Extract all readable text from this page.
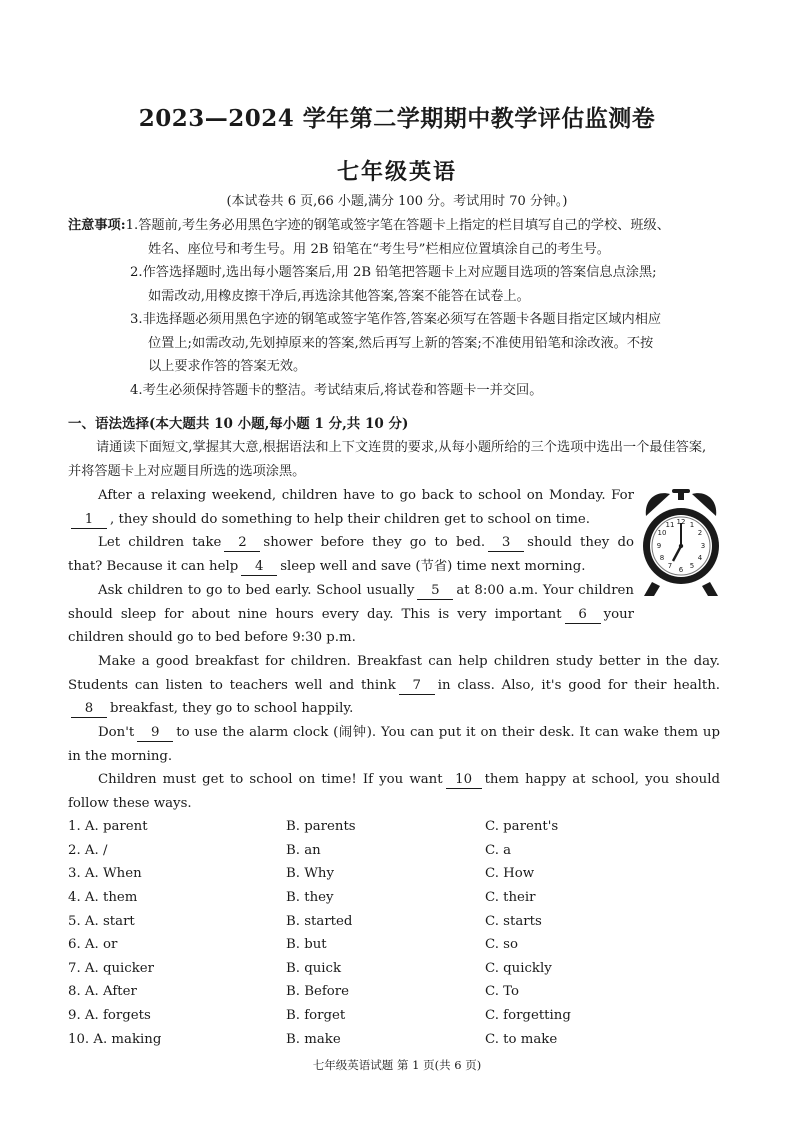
2023—2024 学年第二学期期中教学评估监测卷
七年级英语
(本试卷共 6 页,66 小题,满分 100 分。考试用时 70 分钟。)
注意事项: 1.答题前,考生务必用黑色字迹的钢笔或签字笔在答题卡上指定的栏目填写自己的学校、班级、
姓名、座位号和考生号。用 2B 铅笔在“考生号”栏相应位置填涂自己的考生号。
2.作答选择题时,选出每小题答案后,用 2B 铅笔把答题卡上对应题目选项的答案信息点涂黑;
如需改动,用橡皮擦干净后,再选涂其他答案,答案不能答在试卷上。
3.非选择题必须用黑色字迹的钢笔或签字笔作答,答案必须写在答题卡各题目指定区域内相应
位置上;如需改动,先划掉原来的答案,然后再写上新的答案;不准使用铅笔和涂改液。不按
以上要求作答的答案无效。
4.考生必须保持答题卡的整洁。考试结束后,将试卷和答题卡一并交回。
一、语法选择(本大题共 10 小题,每小题 1 分,共 10 分)

请通读下面短文,掌握其大意,根据语法和上下文连贯的要求,从每小题所给的三个选项中选出一个最佳答案,并将答题卡上对应题目所选的选项涂黑。

After a relaxing weekend, children have to go back to school on Monday. For1 , they should do something to help their children get to school on time.

Let children take 2 shower before they go to bed. 3 should they do that? Because it can help 4 sleep well and save (节省) time next morning.

Ask children to go to bed early. School usually 5 at 8:00 a.m. Your children should sleep for about nine hours every day. This is very important 6 your children should go to bed before 9:30 p.m.

Make a good breakfast for children. Breakfast can help children study better in the day. Students can listen to teachers well and think 7 in class. Also, it's good for their health.8 breakfast, they go to school happily.

Don't 9 to use the alarm clock (闹钟). You can put it on their desk. It can wake them up in the morning.

Children must get to school on time! If you want 10 them happy at school, you should follow these ways.

12 1
2
3
4
5
6
7
8
9
10
11
1. A. parent	B. parents	C. parent's
2. A. /	B. an	C. a
3. A. When	B. Why	C. How
4. A. them	B. they	C. their
5. A. start	B. started	C. starts
6. A. or	B. but	C. so
7. A. quicker	B. quick	C. quickly
8. A. After	B. Before	C. To
9. A. forgets	B. forget	C. forgetting
10. A. making	B. make	C. to make
七年级英语试题 第 1 页(共 6 页)
